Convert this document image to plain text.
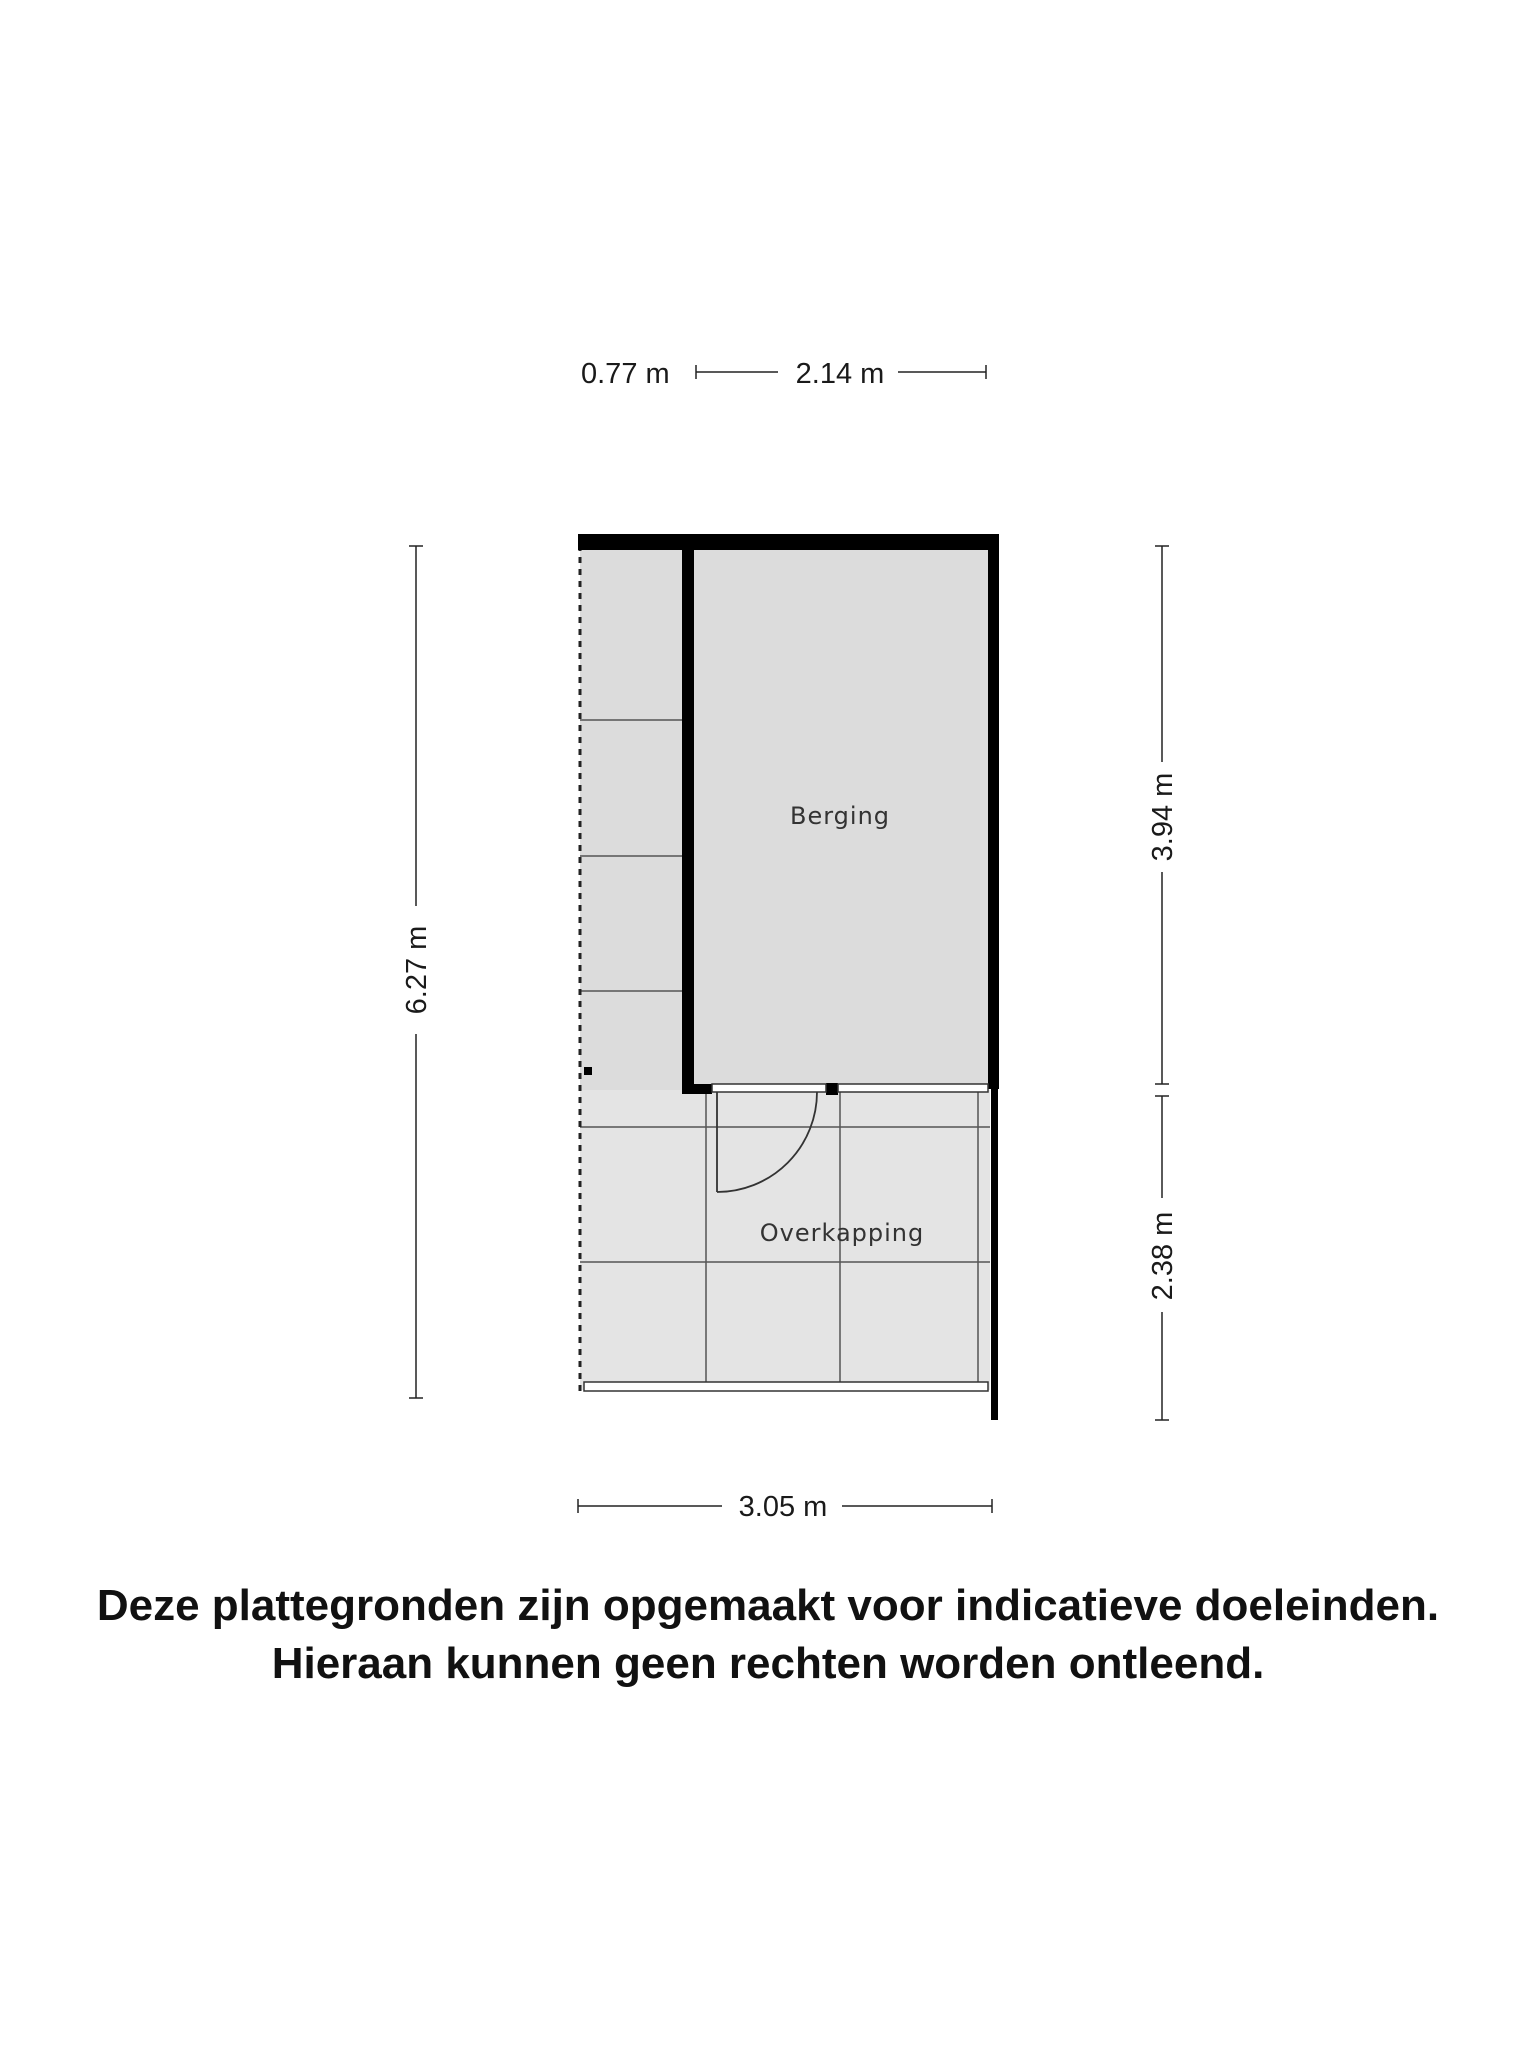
Berging
Overkapping
0.77 m	2.14 m
6.27 m
3.94 m
2.38 m
3.05 m
Deze plattegronden zijn opgemaakt voor indicatieve doeleinden.
Hieraan kunnen geen rechten worden ontleend.
